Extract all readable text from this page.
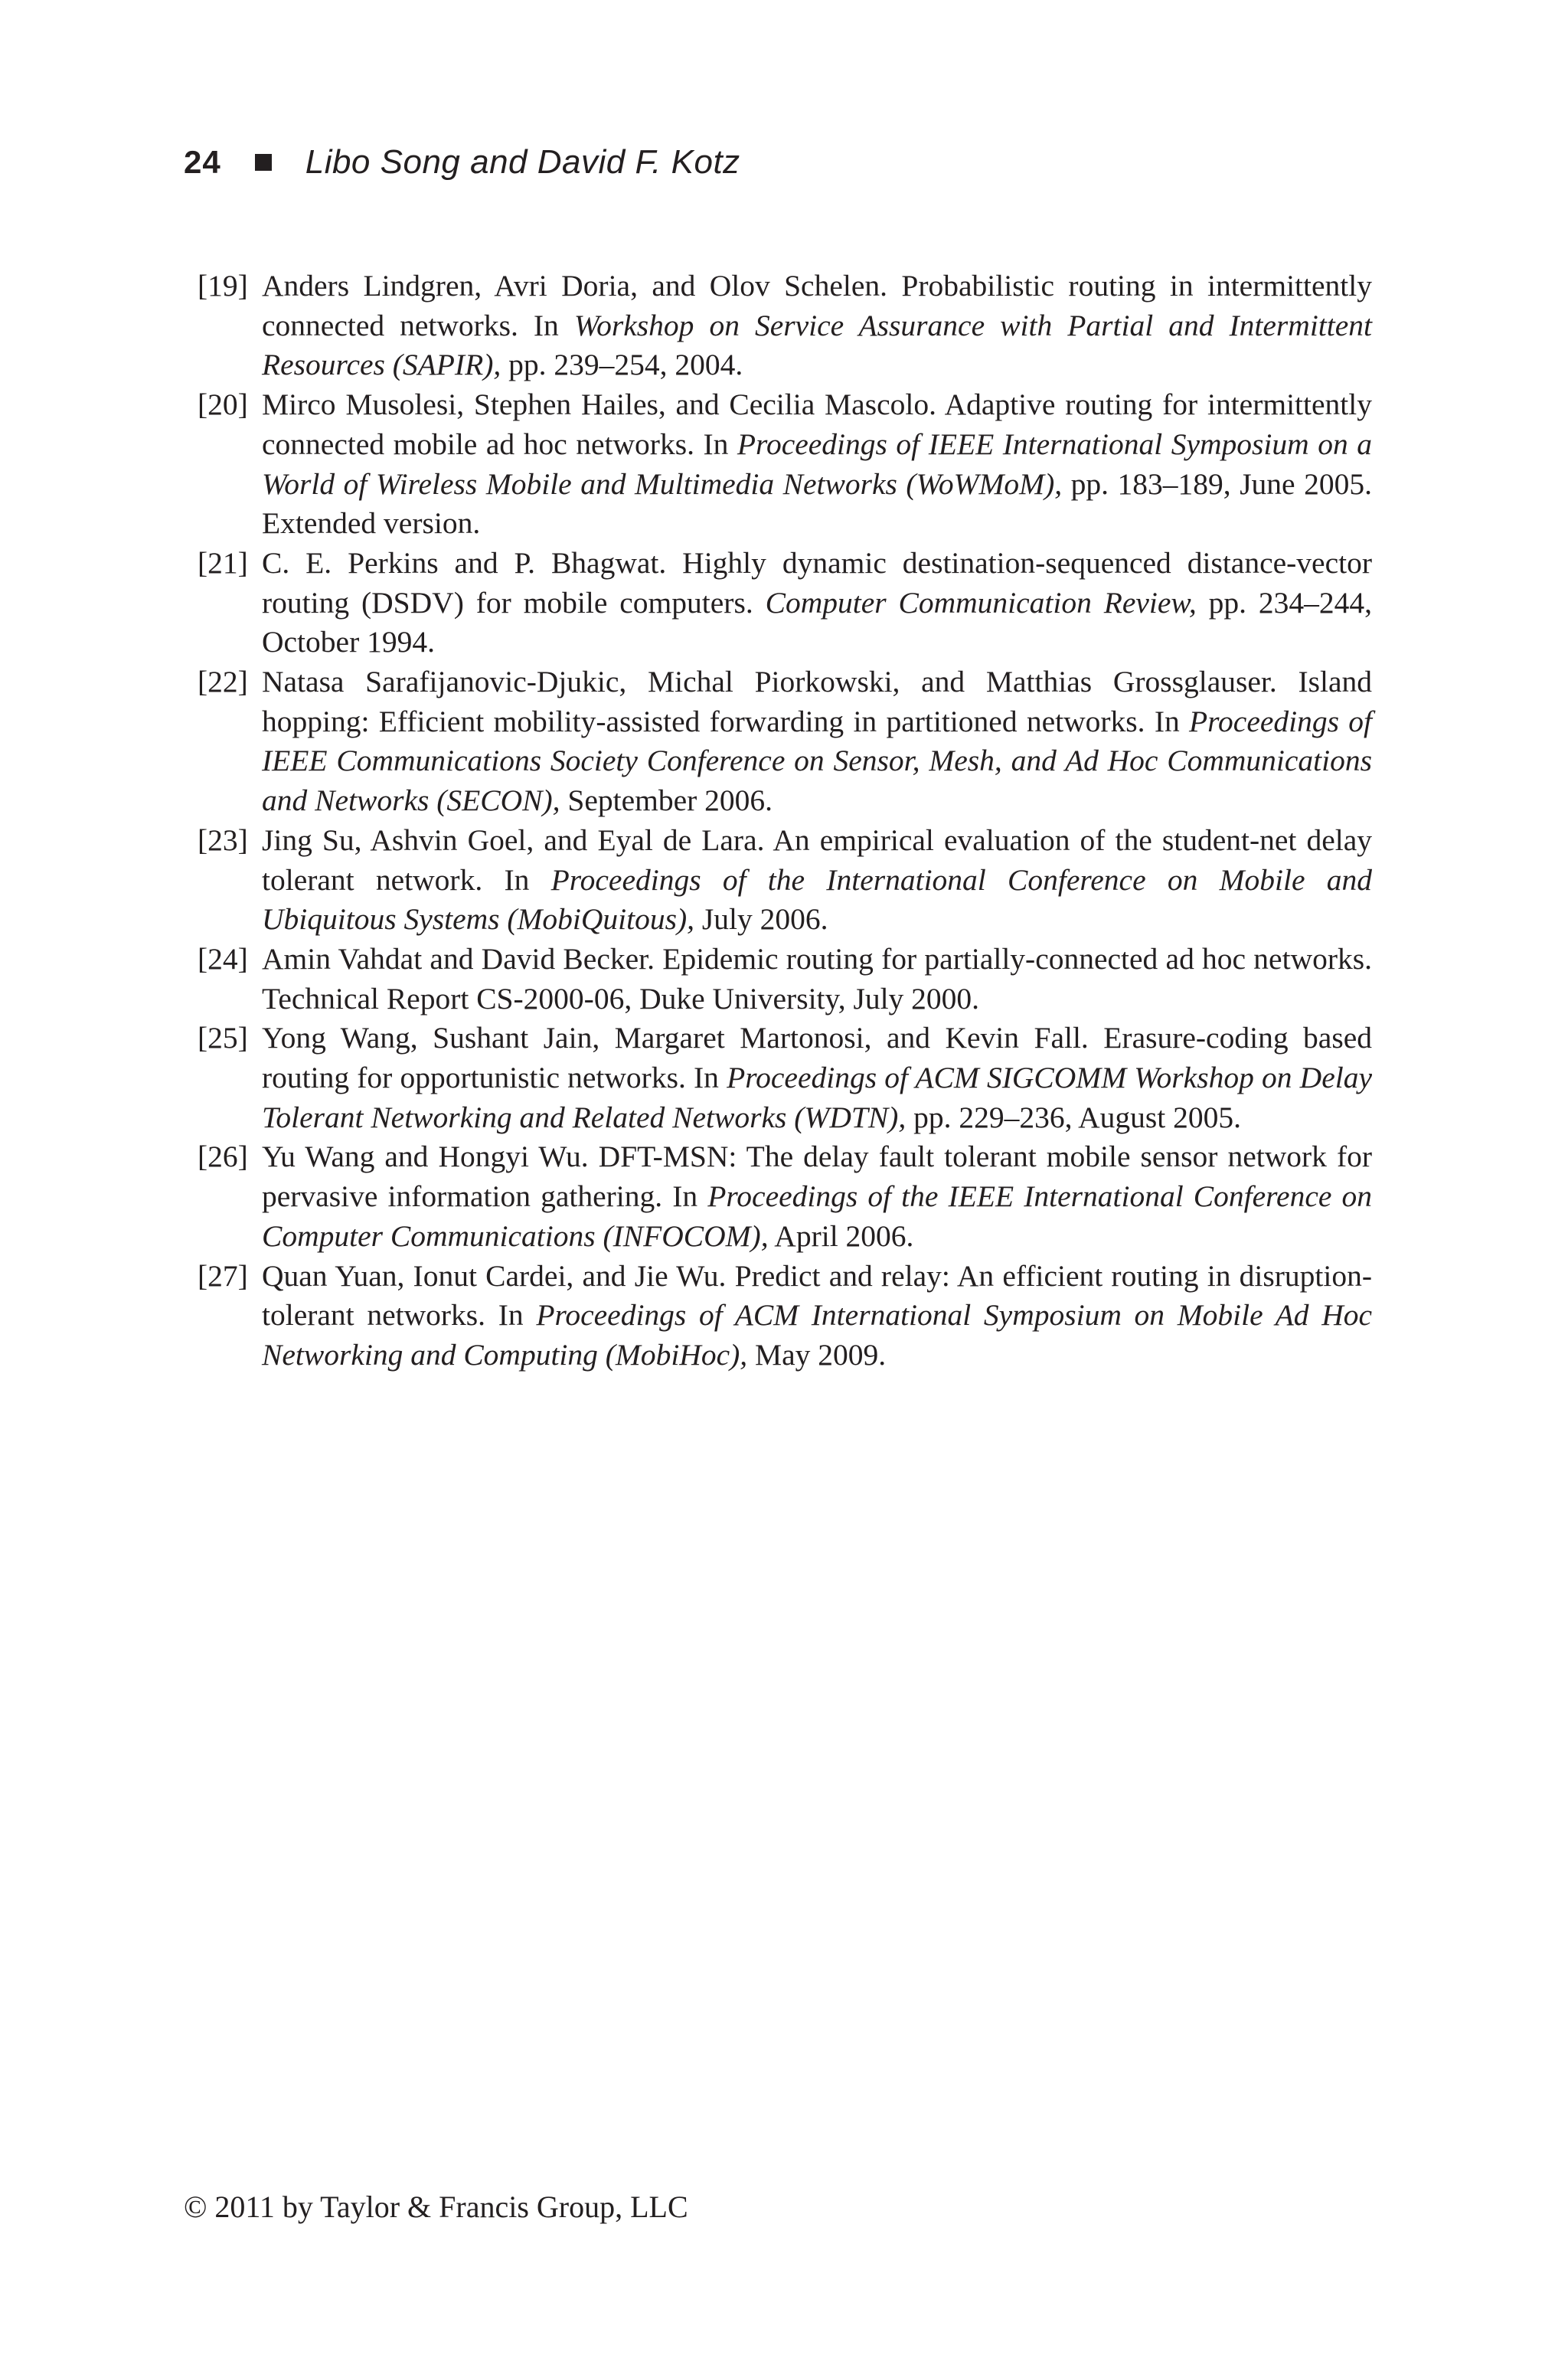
24	Libo Song and David F. Kotz
[19] Anders Lindgren, Avri Doria, and Olov Schelen. Probabilistic routing in intermittently connected networks. In Workshop on Service Assurance with Partial and Intermittent Resources (SAPIR), pp. 239–254, 2004.
[20] Mirco Musolesi, Stephen Hailes, and Cecilia Mascolo. Adaptive routing for intermittently connected mobile ad hoc networks. In Proceedings of IEEE International Symposium on a World of Wireless Mobile and Multimedia Networks (WoWMoM), pp. 183–189, June 2005. Extended version.
[21] C. E. Perkins and P. Bhagwat. Highly dynamic destination-sequenced distance-vector routing (DSDV) for mobile computers. Computer Communication Review, pp. 234–244, October 1994.
[22] Natasa Sarafijanovic-Djukic, Michal Piorkowski, and Matthias Grossglauser. Island hopping: Efficient mobility-assisted forwarding in partitioned networks. In Proceedings of IEEE Communications Society Conference on Sensor, Mesh, and Ad Hoc Communications and Networks (SECON), September 2006.
[23] Jing Su, Ashvin Goel, and Eyal de Lara. An empirical evaluation of the student-net delay tolerant network. In Proceedings of the International Conference on Mobile and Ubiquitous Systems (MobiQuitous), July 2006.
[24] Amin Vahdat and David Becker. Epidemic routing for partially-connected ad hoc networks. Technical Report CS-2000-06, Duke University, July 2000.
[25] Yong Wang, Sushant Jain, Margaret Martonosi, and Kevin Fall. Erasure-coding based routing for opportunistic networks. In Proceedings of ACM SIGCOMM Workshop on Delay Tolerant Networking and Related Networks (WDTN), pp. 229–236, August 2005.
[26] Yu Wang and Hongyi Wu. DFT-MSN: The delay fault tolerant mobile sensor network for pervasive information gathering. In Proceedings of the IEEE International Conference on Computer Communications (INFOCOM), April 2006.
[27] Quan Yuan, Ionut Cardei, and Jie Wu. Predict and relay: An efficient routing in disruption-tolerant networks. In Proceedings of ACM International Symposium on Mobile Ad Hoc Networking and Computing (MobiHoc), May 2009.
© 2011 by Taylor & Francis Group, LLC
